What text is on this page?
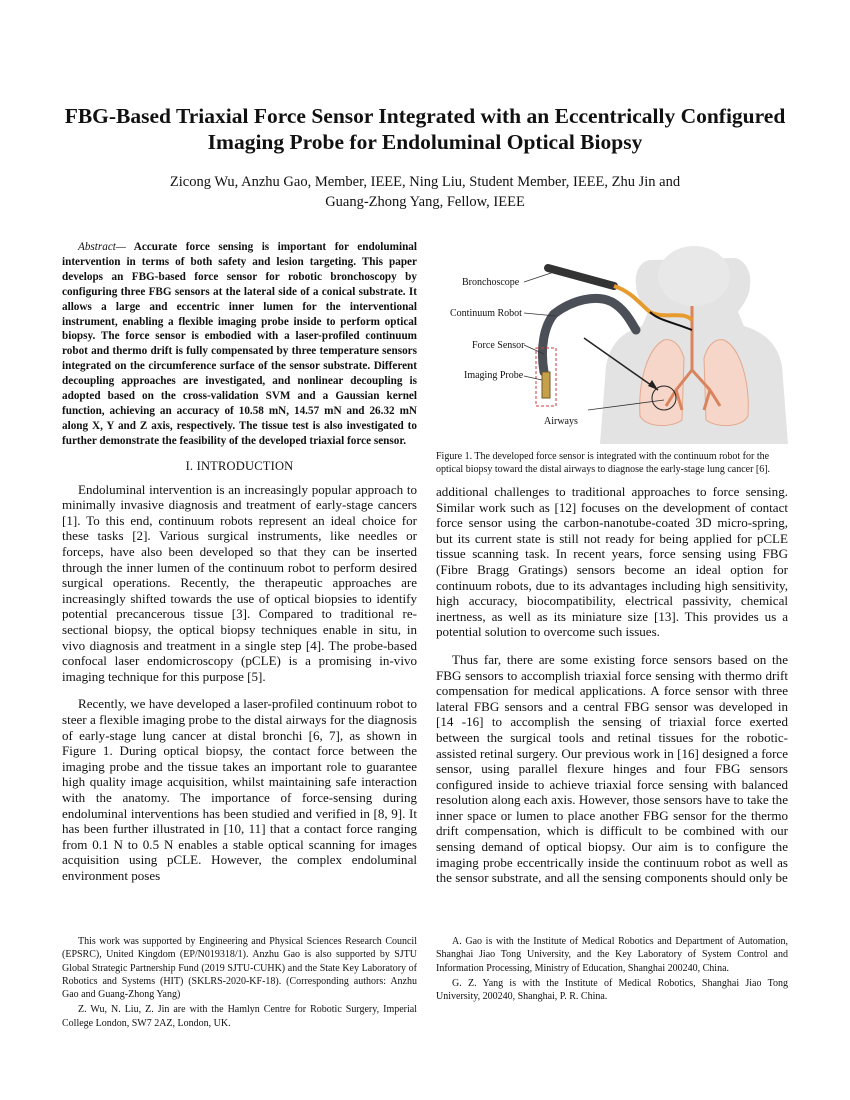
FBG-Based Triaxial Force Sensor Integrated with an Eccentrically Configured Imaging Probe for Endoluminal Optical Biopsy
Zicong Wu, Anzhu Gao, Member, IEEE, Ning Liu, Student Member, IEEE, Zhu Jin and
Guang-Zhong Yang, Fellow, IEEE

Abstract— Accurate force sensing is important for endoluminal intervention in terms of both safety and lesion targeting. This paper develops an FBG-based force sensor for robotic bronchoscopy by configuring three FBG sensors at the lateral side of a conical substrate. It allows a large and eccentric inner lumen for the interventional instrument, enabling a flexible imaging probe inside to perform optical biopsy. The force sensor is embodied with a laser-profiled continuum robot and thermo drift is fully compensated by three temperature sensors integrated on the circumference surface of the sensor substrate. Different decoupling approaches are investigated, and nonlinear decoupling is adopted based on the cross-validation SVM and a Gaussian kernel function, achieving an accuracy of 10.58 mN, 14.57 mN and 26.32 mN along X, Y and Z axis, respectively. The tissue test is also investigated to further demonstrate the feasibility of the developed triaxial force sensor.

I. INTRODUCTION

Endoluminal intervention is an increasingly popular approach to minimally invasive diagnosis and treatment of early-stage cancers [1]. To this end, continuum robots represent an ideal choice for these tasks [2]. Various surgical instruments, like needles or forceps, have also been developed so that they can be inserted through the inner lumen of the continuum robot to perform desired surgical operations. Recently, the therapeutic approaches are increasingly shifted towards the use of optical biopsies to identify potential precancerous tissue [3]. Compared to traditional re-sectional biopsy, the optical biopsy techniques enable in situ, in vivo diagnosis and treatment in a single step [4]. The probe-based confocal laser endomicroscopy (pCLE) is a promising in-vivo imaging technique for this purpose [5].

Recently, we have developed a laser-profiled continuum robot to steer a flexible imaging probe to the distal airways for the diagnosis of early-stage lung cancer at distal bronchi [6, 7], as shown in Figure 1. During optical biopsy, the contact force between the imaging probe and the tissue takes an important role to guarantee high quality image acquisition, whilst maintaining safe interaction with the anatomy. The importance of force-sensing during endoluminal interventions has been studied and verified in [8, 9]. It has been further illustrated in [10, 11] that a contact force ranging from 0.1 N to 0.5 N enables a stable optical scanning for images acquisition using pCLE. However, the complex endoluminal environment poses

Bronchoscope
Continuum Robot
Force Sensor
Imaging Probe
Airways

Figure 1. The developed force sensor is integrated with the continuum robot for the optical biopsy toward the distal airways to diagnose the early-stage lung cancer [6].

additional challenges to traditional approaches to force sensing. Similar work such as [12] focuses on the development of contact force sensor using the carbon-nanotube-coated 3D micro-spring, but its current state is still not ready for being applied for pCLE tissue scanning task. In recent years, force sensing using FBG (Fibre Bragg Gratings) sensors become an ideal option for continuum robots, due to its advantages including high sensitivity, high accuracy, biocompatibility, electrical passivity, chemical inertness, as well as its miniature size [13]. This provides us a potential solution to overcome such issues.

Thus far, there are some existing force sensors based on the FBG sensors to accomplish triaxial force sensing with thermo drift compensation for medical applications. A force sensor with three lateral FBG sensors and a central FBG sensor was developed in [14 -16] to accomplish the sensing of triaxial force exerted between the surgical tools and retinal tissues for the robotic-assisted retinal surgery. Our previous work in [16] designed a force sensor, using parallel flexure hinges and four FBG sensors configured inside to achieve triaxial force sensing with balanced resolution along each axis. However, those sensors have to take the inner space or lumen to place another FBG sensor for the thermo drift compensation, which is difficult to be combined with our sensing demand of optical biopsy. Our aim is to configure the imaging probe eccentrically inside the continuum robot as well as the sensor substrate, and all the sensing components should only be

This work was supported by Engineering and Physical Sciences Research Council (EPSRC), United Kingdom (EP/N019318/1). Anzhu Gao is also supported by SJTU Global Strategic Partnership Fund (2019 SJTU-CUHK) and the State Key Laboratory of Robotics and Systems (HIT) (SKLRS-2020-KF-18). (Corresponding authors: Anzhu Gao and Guang-Zhong Yang)

Z. Wu, N. Liu, Z. Jin are with the Hamlyn Centre for Robotic Surgery, Imperial College London, SW7 2AZ, London, UK.

A. Gao is with the Institute of Medical Robotics and Department of Automation, Shanghai Jiao Tong University, and the Key Laboratory of System Control and Information Processing, Ministry of Education, Shanghai 200240, China.

G. Z. Yang is with the Institute of Medical Robotics, Shanghai Jiao Tong University, 200240, Shanghai, P. R. China.
